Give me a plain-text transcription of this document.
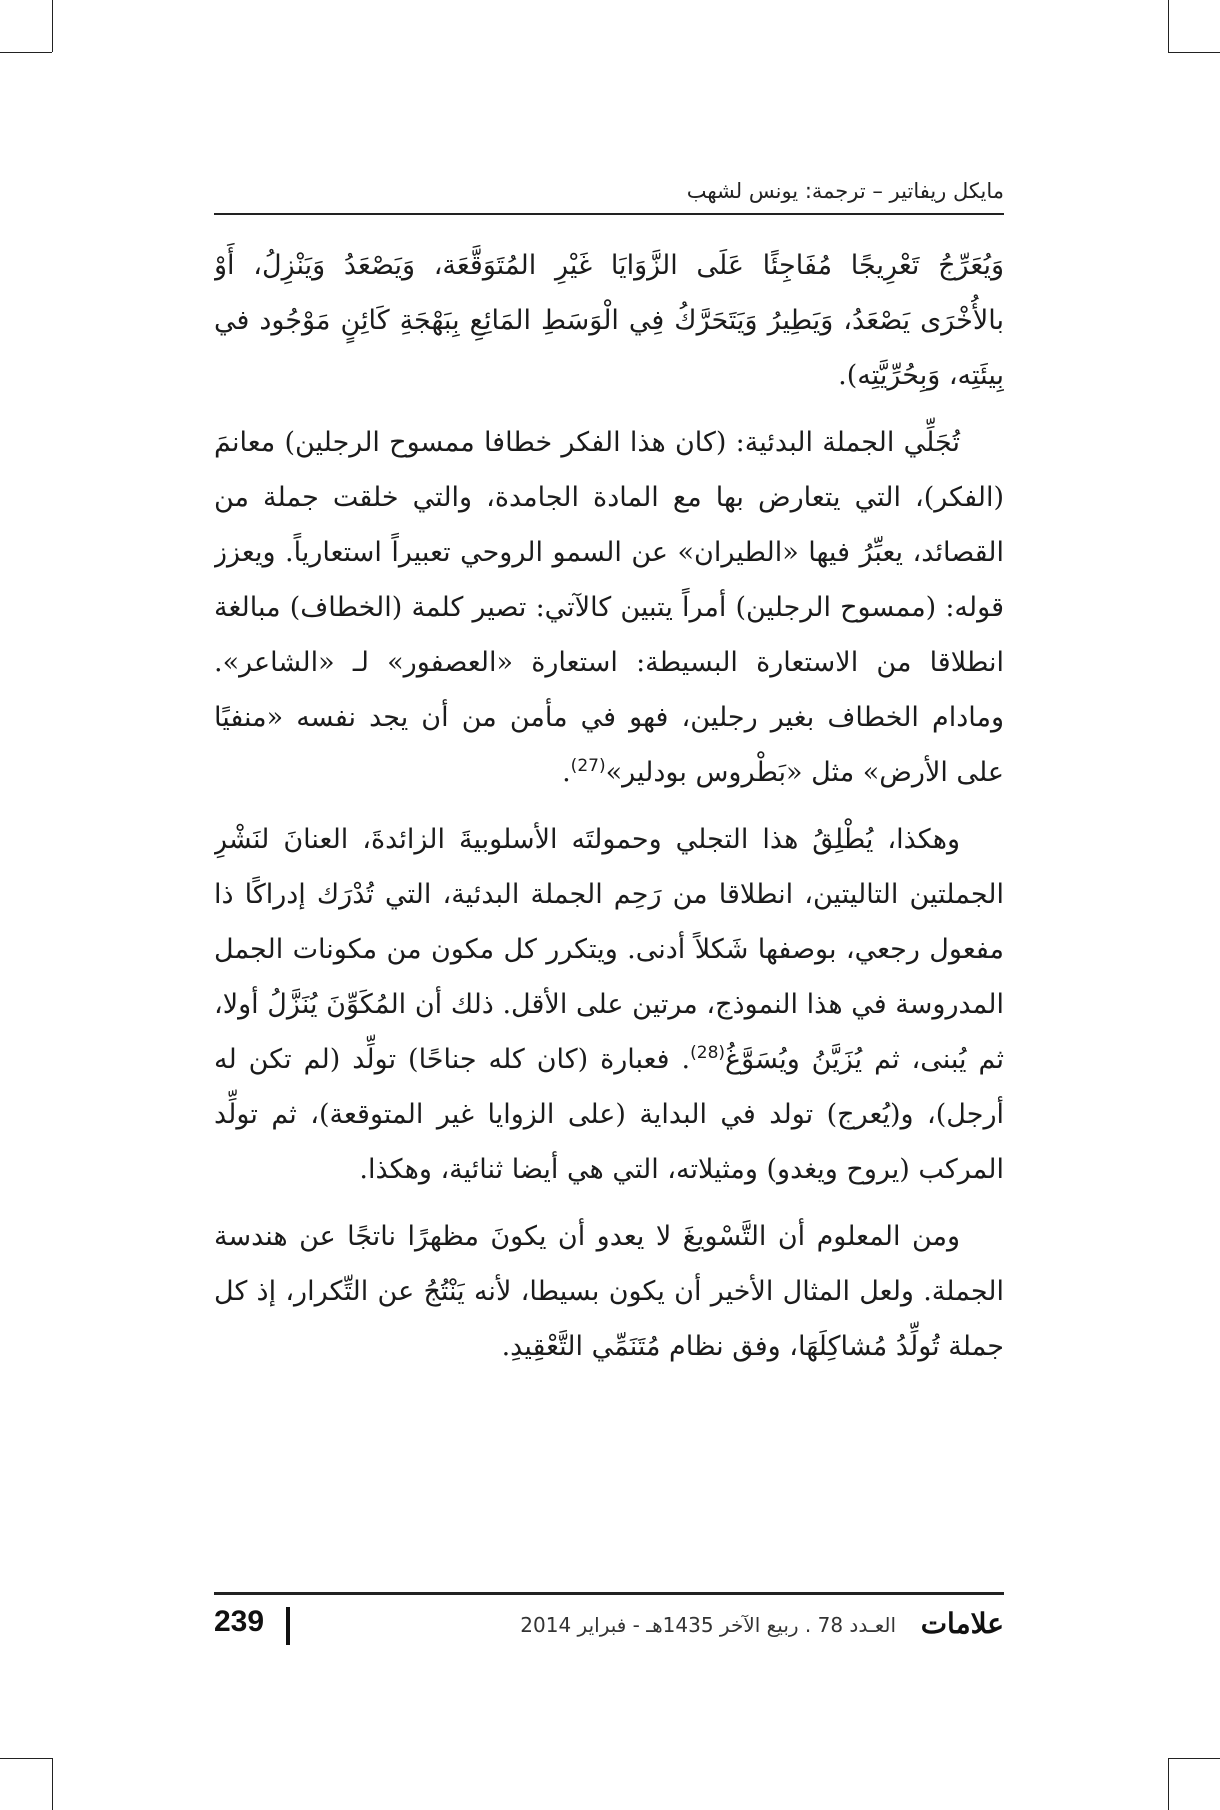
مايكل ريفاتير – ترجمة: يونس لشهب

وَيُعَرِّجُ تَعْرِيجًا مُفَاجِئًا عَلَى الزَّوَايَا غَيْرِ المُتَوَقَّعَة، وَيَصْعَدُ وَيَنْزِلُ، أَوْ بالأُخْرَى يَصْعَدُ، وَيَطِيرُ وَيَتَحَرَّكُ فِي الْوَسَطِ المَائِعِ بِبَهْجَةِ كَائِنٍ مَوْجُود في بِيئَتِه، وَبِحُرِّيَّتِه).

تُجَلِّي الجملة البدئية: (كان هذا الفكر خطافا ممسوح الرجلين) معانمَ (الفكر)، التي يتعارض بها مع المادة الجامدة، والتي خلقت جملة من القصائد، يعبِّرُ فيها «الطيران» عن السمو الروحي تعبيراً استعارياً. ويعزز قوله: (ممسوح الرجلين) أمراً يتبين كالآتي: تصير كلمة (الخطاف) مبالغة انطلاقا من الاستعارة البسيطة: استعارة «العصفور» لـ «الشاعر». ومادام الخطاف بغير رجلين، فهو في مأمن من أن يجد نفسه «منفيًا على الأرض» مثل «بَطْروس بودلير»$^{(27)}$.

وهكذا، يُطْلِقُ هذا التجلي وحمولتَه الأسلوبيةَ الزائدةَ، العنانَ لنَشْرِ الجملتين التاليتين، انطلاقا من رَحِم الجملة البدئية، التي تُدْرَك إدراكًا ذا مفعول رجعي، بوصفها شَكلاً أدنى. ويتكرر كل مكون من مكونات الجمل المدروسة في هذا النموذج، مرتين على الأقل. ذلك أن المُكَوِّنَ يُنَزَّلُ أولا، ثم يُبنى، ثم يُزَيَّنُ ويُسَوَّغُ$^{(28)}$. فعبارة (كان كله جناحًا) تولِّد (لم تكن له أرجل)، و(يُعرج) تولد في البداية (على الزوايا غير المتوقعة)، ثم تولِّد المركب (يروح ويغدو) ومثيلاته، التي هي أيضا ثنائية، وهكذا.

ومن المعلوم أن التَّسْويغَ لا يعدو أن يكونَ مظهرًا ناتجًا عن هندسة الجملة. ولعل المثال الأخير أن يكون بسيطا، لأنه يَنْتُجُ عن التِّكرار، إذ كل جملة تُولِّدُ مُشاكِلَهَا، وفق نظام مُتَنَمِّي التَّعْقِيدِ.

علامات
العـدد 78 . ربيع الآخر 1435هـ - فبراير 2014
239
